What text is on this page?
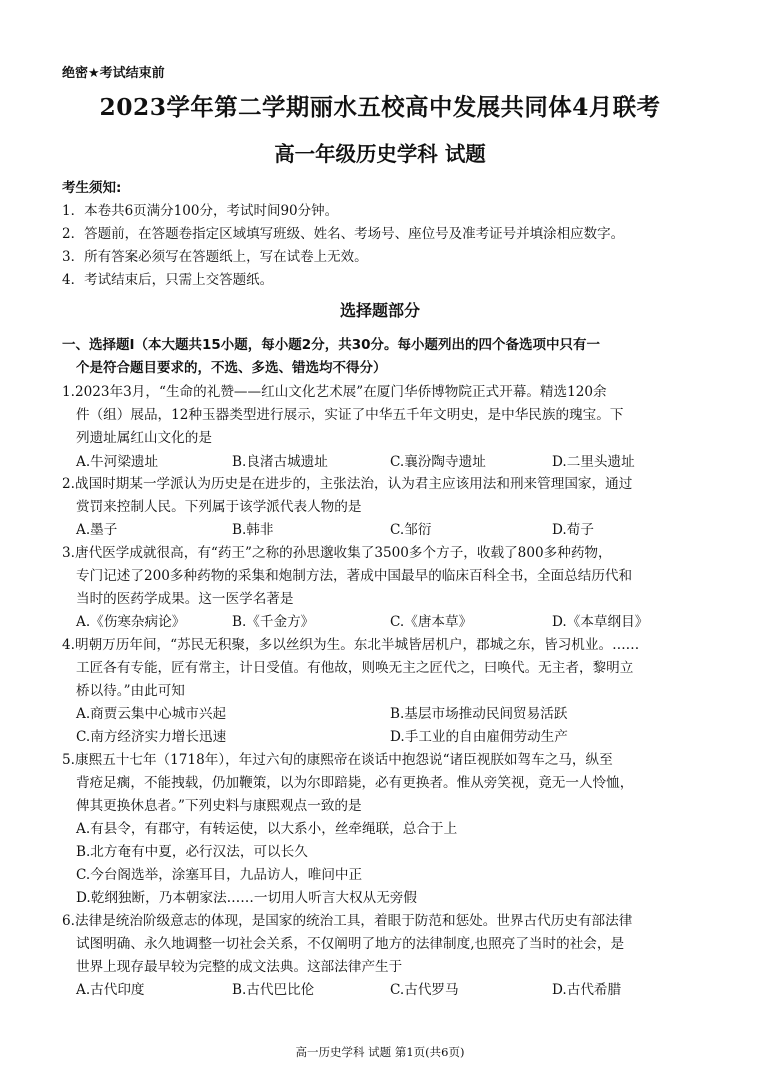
绝密★考试结束前
2023学年第二学期丽水五校高中发展共同体4月联考
高一年级历史学科 试题
考生须知:
1．本卷共6页满分100分，考试时间90分钟。
2．答题前，在答题卷指定区域填写班级、姓名、考场号、座位号及准考证号并填涂相应数字。
3．所有答案必须写在答题纸上，写在试卷上无效。
4．考试结束后，只需上交答题纸。
选择题部分
一、选择题Ⅰ（本大题共15小题，每小题2分，共30分。每小题列出的四个备选项中只有一
个是符合题目要求的，不选、多选、错选均不得分）
1.2023年3月，“生命的礼赞——红山文化艺术展”在厦门华侨博物院正式开幕。精选120余
件（组）展品，12种玉器类型进行展示，实证了中华五千年文明史，是中华民族的瑰宝。下
列遗址属红山文化的是
A.牛河梁遗址	B.良渚古城遗址	C.襄汾陶寺遗址	D.二里头遗址
2.战国时期某一学派认为历史是在进步的，主张法治，认为君主应该用法和刑来管理国家，通过
赏罚来控制人民。下列属于该学派代表人物的是
A.墨子	B.韩非	C.邹衍	D.荀子
3.唐代医学成就很高，有“药王”之称的孙思邈收集了3500多个方子，收载了800多种药物，
专门记述了200多种药物的采集和炮制方法，著成中国最早的临床百科全书，全面总结历代和
当时的医药学成果。这一医学名著是
A.《伤寒杂病论》	B.《千金方》	C.《唐本草》	D.《本草纲目》
4.明朝万历年间，“苏民无积聚，多以丝织为生。东北半城皆居机户，郡城之东，皆习机业。……
工匠各有专能，匠有常主，计日受值。有他故，则唤无主之匠代之，曰唤代。无主者，黎明立
桥以待。”由此可知
A.商贾云集中心城市兴起	B.基层市场推动民间贸易活跃
C.南方经济实力增长迅速	D.手工业的自由雇佣劳动生产
5.康熙五十七年（1718年），年过六旬的康熙帝在谈话中抱怨说“诸臣视朕如驾车之马，纵至
背疮足瘸，不能拽载，仍加鞭策，以为尔即踣毙，必有更换者。惟从旁笑视，竟无一人怜恤，
俾其更换休息者。”下列史料与康熙观点一致的是
A.有县令，有郡守，有转运使，以大系小，丝牵绳联，总合于上
B.北方奄有中夏，必行汉法，可以长久
C.今台阁选举，涂塞耳目，九品访人，唯问中正
D.乾纲独断，乃本朝家法……一切用人听言大权从无旁假
6.法律是统治阶级意志的体现，是国家的统治工具，着眼于防范和惩处。世界古代历史有部法律
试图明确、永久地调整一切社会关系，不仅阐明了地方的法律制度,也照亮了当时的社会，是
世界上现存最早较为完整的成文法典。这部法律产生于
A.古代印度	B.古代巴比伦	C.古代罗马	D.古代希腊
高一历史学科 试题 第1页(共6页)
